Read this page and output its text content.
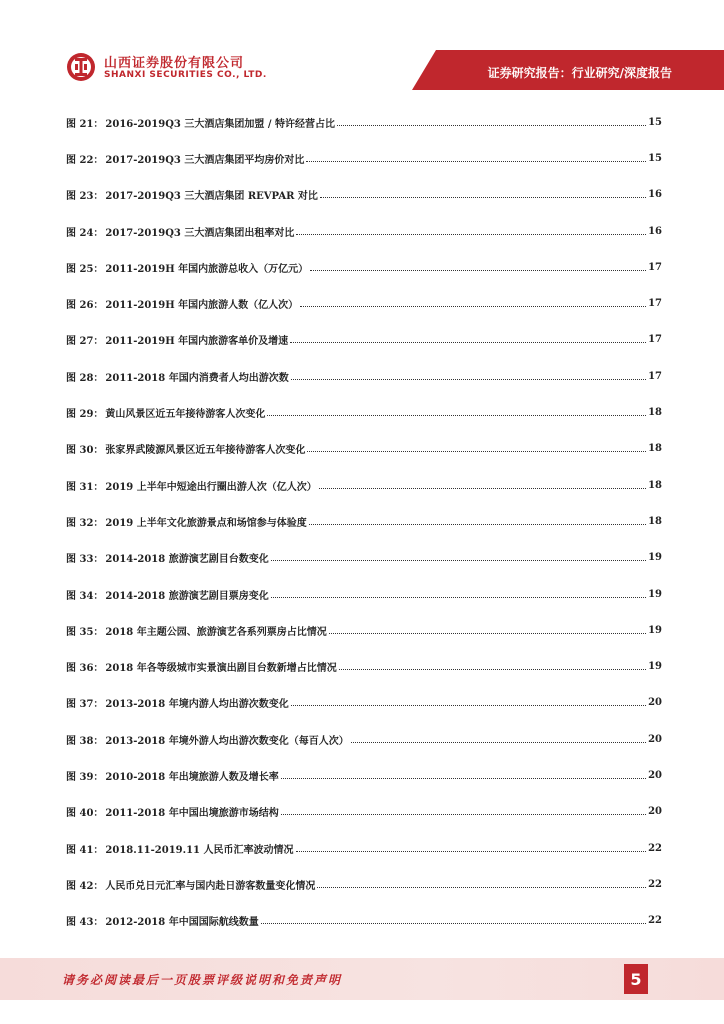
山西证券股份有限公司
SHANXI SECURITIES CO., LTD.	证券研究报告：行业研究/深度报告
图 21： 2016-2019Q3 三大酒店集团加盟 / 特许经营占比	15
图 22： 2017-2019Q3 三大酒店集团平均房价对比	15
图 23： 2017-2019Q3 三大酒店集团 REVPAR 对比	16
图 24： 2017-2019Q3 三大酒店集团出租率对比	16
图 25： 2011-2019H 年国内旅游总收入（万亿元）	17
图 26： 2011-2019H 年国内旅游人数（亿人次）	17
图 27： 2011-2019H 年国内旅游客单价及增速	17
图 28： 2011-2018 年国内消费者人均出游次数	17
图 29： 黄山风景区近五年接待游客人次变化	18
图 30： 张家界武陵源风景区近五年接待游客人次变化	18
图 31： 2019 上半年中短途出行圈出游人次（亿人次）	18
图 32： 2019 上半年文化旅游景点和场馆参与体验度	18
图 33： 2014-2018 旅游演艺剧目台数变化	19
图 34： 2014-2018 旅游演艺剧目票房变化	19
图 35： 2018 年主题公园、旅游演艺各系列票房占比情况	19
图 36： 2018 年各等级城市实景演出剧目台数新增占比情况	19
图 37： 2013-2018 年境内游人均出游次数变化	20
图 38： 2013-2018 年境外游人均出游次数变化（每百人次）	20
图 39： 2010-2018 年出境旅游人数及增长率	20
图 40： 2011-2018 年中国出境旅游市场结构	20
图 41： 2018.11-2019.11 人民币汇率波动情况	22
图 42： 人民币兑日元汇率与国内赴日游客数量变化情况	22
图 43： 2012-2018 年中国国际航线数量	22
请务必阅读最后一页股票评级说明和免责声明	5
